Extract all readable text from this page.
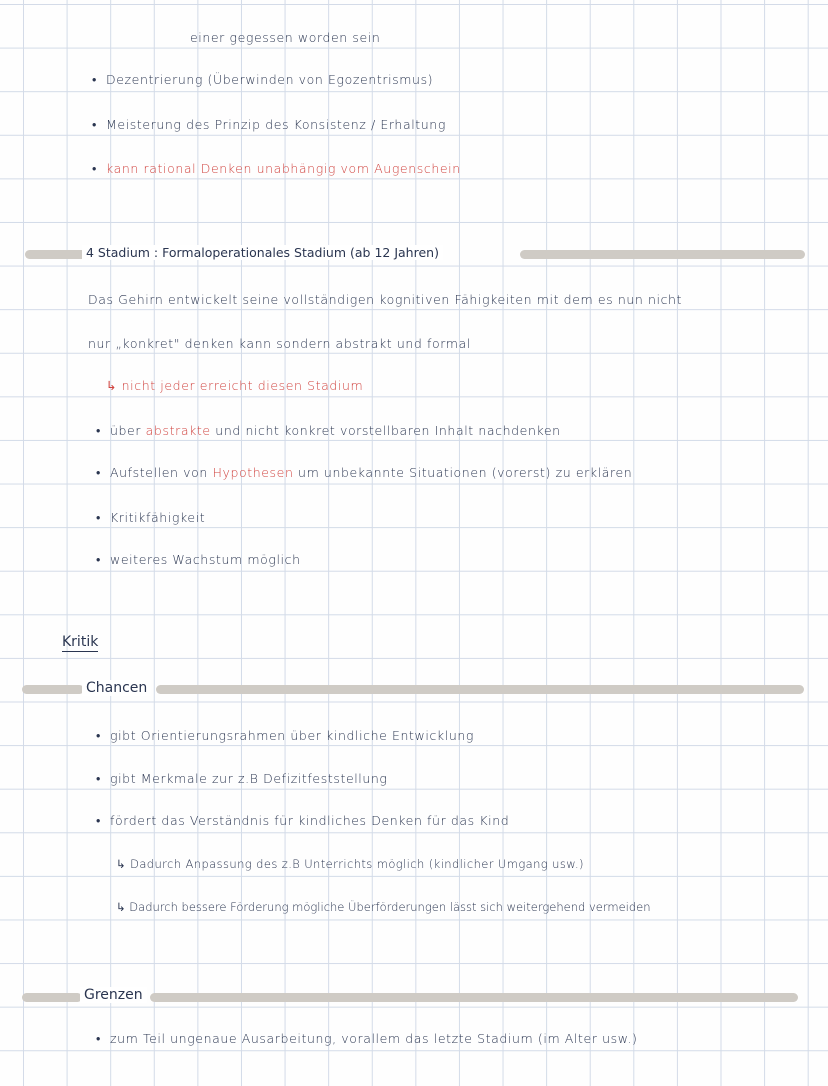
einer gegessen worden sein
• Dezentrierung (Überwinden von Egozentrismus)
• Meisterung des Prinzip des Konsistenz / Erhaltung
• kann rational Denken unabhängig vom Augenschein
4 Stadium : Formaloperationales Stadium (ab 12 Jahren)
Das Gehirn entwickelt seine vollständigen kognitiven Fähigkeiten mit dem es nun nicht
nur „konkret" denken kann sondern abstrakt und formal
↳ nicht jeder erreicht diesen Stadium
• über abstrakte und nicht konkret vorstellbaren Inhalt nachdenken
• Aufstellen von Hypothesen um unbekannte Situationen (vorerst) zu erklären
• Kritikfähigkeit
• weiteres Wachstum möglich
Kritik
Chancen
• gibt Orientierungsrahmen über kindliche Entwicklung
• gibt Merkmale zur z.B Defizitfeststellung
• fördert das Verständnis für kindliches Denken für das Kind
↳ Dadurch Anpassung des z.B Unterrichts möglich (kindlicher Umgang usw.)
↳ Dadurch bessere Förderung mögliche Überförderungen lässt sich weitergehend vermeiden
Grenzen
• zum Teil ungenaue Ausarbeitung, vorallem das letzte Stadium (im Alter usw.)
